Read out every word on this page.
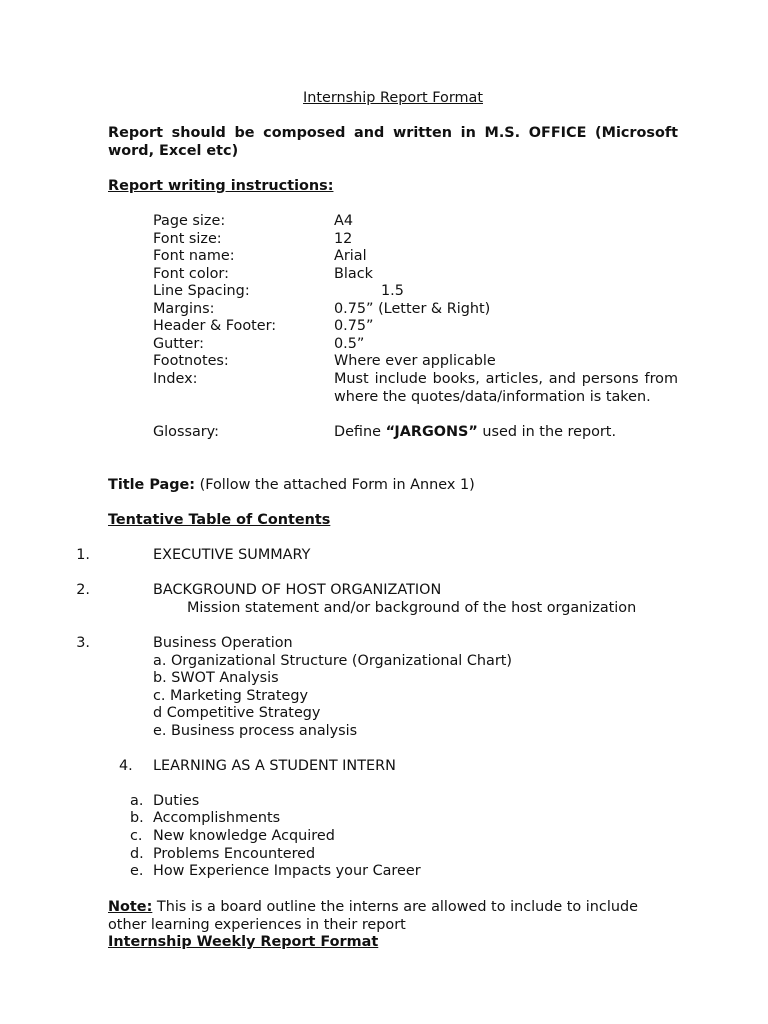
Internship Report Format
Report should be composed and written in M.S. OFFICE (Microsoft word, Excel etc)
Report writing instructions:
Page size:	A4
Font size:	12
Font name:	Arial
Font color:	Black
Line Spacing:	1.5
Margins:	0.75” (Letter & Right)
Header & Footer:	0.75”
Gutter:	0.5”
Footnotes:	Where ever applicable
Index:	Must include books, articles, and persons from where the quotes/data/information is taken.
Glossary:	Define “JARGONS” used in the report.
Title Page: (Follow the attached Form in Annex 1)
Tentative Table of Contents
1.	EXECUTIVE SUMMARY
2.	BACKGROUND OF HOST ORGANIZATION
Mission statement and/or background of the host organization
3.	Business Operation
a. Organizational Structure (Organizational Chart)
b. SWOT Analysis
c. Marketing Strategy
d Competitive Strategy
e. Business process analysis
4. LEARNING AS A STUDENT INTERN
a. Duties
b. Accomplishments
c. New knowledge Acquired
d. Problems Encountered
e. How Experience Impacts your Career
Note: This is a board outline the interns are allowed to include to include other learning experiences in their report
Internship Weekly Report Format
